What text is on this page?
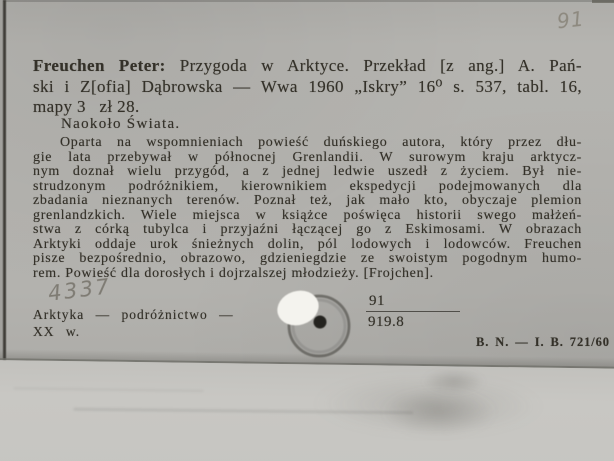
91
Freuchen Peter: Przygoda w Arktyce. Przekład [z ang.] A. Pań-
ski i Z[ofia] Dąbrowska — Wwa 1960 „Iskry” 16⁰ s. 537, tabl. 16,
mapy 3  zł 28.
Naokoło Świata.
Oparta na wspomnieniach powieść duńskiego autora, który przez dłu-
gie lata przebywał w północnej Grenlandii. W surowym kraju arktycz-
nym doznał wielu przygód, a z jednej ledwie uszedł z życiem. Był nie-
strudzonym podróżnikiem, kierownikiem ekspedycji podejmowanych dla
zbadania nieznanych terenów. Poznał też, jak mało kto, obyczaje plemion
grenlandzkich. Wiele miejsca w książce poświęca historii swego małżeń-
stwa z córką tubylca i przyjaźni łączącej go z Eskimosami. W obrazach
Arktyki oddaje urok śnieżnych dolin, pól lodowych i lodowców. Freuchen
pisze bezpośrednio, obrazowo, gdzieniegdzie ze swoistym pogodnym humo-
rem. Powieść dla dorosłych i dojrzalszej młodzieży. [Frojchen].
4337
Arktyka — podróżnictwo —
XX w.
91
919.8
B. N. — I. B. 721/60
